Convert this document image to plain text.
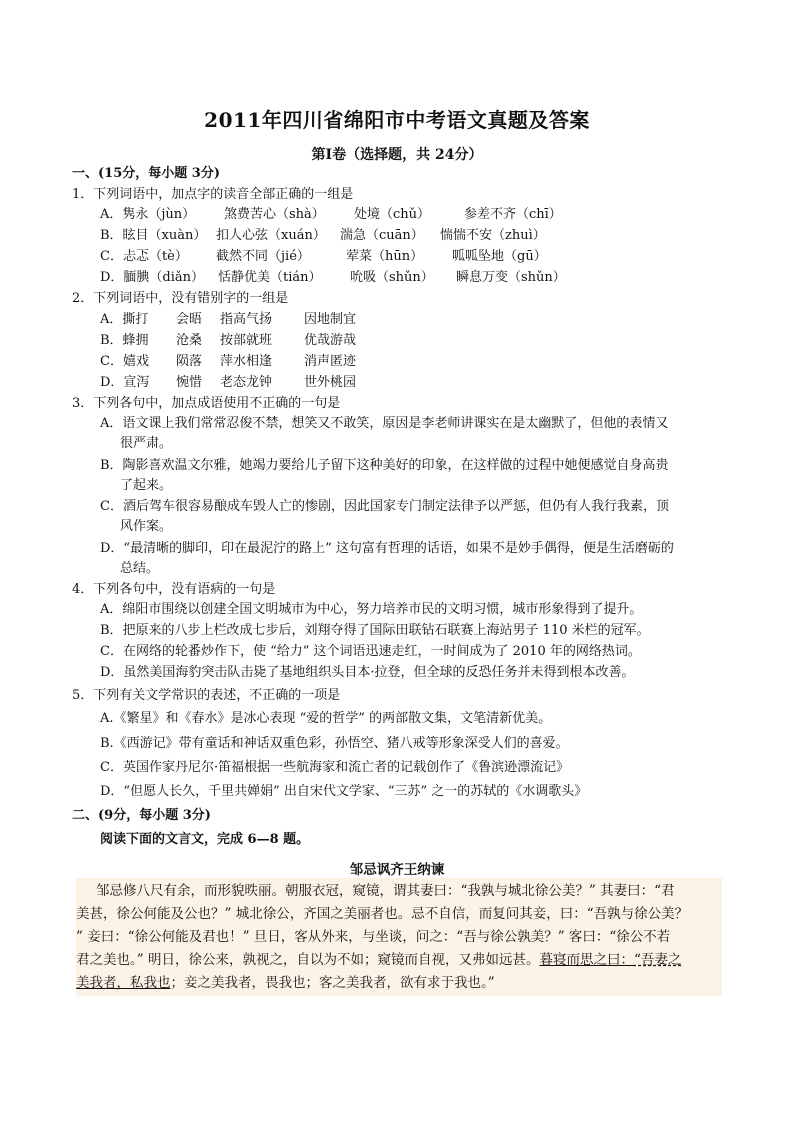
2011年四川省绵阳市中考语文真题及答案
第Ⅰ卷（选择题，共 24分）
一、(15分，每小题 3分)
1．下列词语中，加点字的读音全部正确的一组是
A．隽永（jùn） 煞费苦心（shà） 处境（chǔ）	参差不齐（chī）
B．眩目（xuàn） 扣人心弦（xuán） 湍急（cuān） 惴惴不安（zhuì）
C．忐忑（tè） 截然不同（jié）	荤菜（hūn） 呱呱坠地（gū）
D．腼腆（diǎn） 恬静优美（tián） 吮吸（shǔn） 瞬息万变（shǔn）
2．下列词语中，没有错别字的一组是
A．撕打 会晤 指高气扬 因地制宜
B．蜂拥 沧桑 按部就班 优哉游哉
C．嬉戏 陨落 萍水相逢 消声匿迹
D．宣泻 惋惜 老态龙钟 世外桃园
3．下列各句中，加点成语使用不正确的一句是
A．语文课上我们常常忍俊不禁，想笑又不敢笑，原因是李老师讲课实在是太幽默了，但他的表情又
很严肃。
B．陶影喜欢温文尔雅，她竭力要给儿子留下这种美好的印象，在这样做的过程中她便感觉自身高贵
了起来。
C．酒后驾车很容易酿成车毁人亡的惨剧，因此国家专门制定法律予以严惩，但仍有人我行我素，顶
风作案。
D．“最清晰的脚印，印在最泥泞的路上” 这句富有哲理的话语，如果不是妙手偶得，便是生活磨砺的
总结。
4．下列各句中，没有语病的一句是
A．绵阳市围绕以创建全国文明城市为中心，努力培养市民的文明习惯，城市形象得到了提升。
B．把原来的八步上栏改成七步后，刘翔夺得了国际田联钻石联赛上海站男子 110 米栏的冠军。
C．在网络的轮番炒作下，使 “给力” 这个词语迅速走红，一时间成为了 2010 年的网络热词。
D．虽然美国海豹突击队击毙了基地组织头目本·拉登，但全球的反恐任务并未得到根本改善。
5．下列有关文学常识的表述，不正确的一项是
A.《繁星》和《春水》是冰心表现 “爱的哲学” 的两部散文集，文笔清新优美。
B.《西游记》带有童话和神话双重色彩，孙悟空、猪八戒等形象深受人们的喜爱。
C．英国作家丹尼尔·笛福根据一些航海家和流亡者的记载创作了《鲁滨逊漂流记》
D．“但愿人长久，千里共婵娟” 出自宋代文学家、“三苏” 之一的苏轼的《水调歌头》
二、(9分，每小题 3分)
阅读下面的文言文，完成 6—8 题。
邹忌讽齐王纳谏
邹忌修八尺有余，而形貌昳丽。朝服衣冠，窥镜，谓其妻曰：“我孰与城北徐公美？” 其妻曰：“君
美甚，徐公何能及公也？” 城北徐公，齐国之美丽者也。忌不自信，而复问其妾，曰：“吾孰与徐公美？
” 妾曰：“徐公何能及君也！” 旦日，客从外来，与坐谈，问之：“吾与徐公孰美？” 客曰：“徐公不若
君之美也。” 明日，徐公来，孰视之，自以为不如；窥镜而自视，又弗如远甚。暮寝而思之曰：“吾妻之
美我者，私我也；妾之美我者，畏我也；客之美我者，欲有求于我也。”
